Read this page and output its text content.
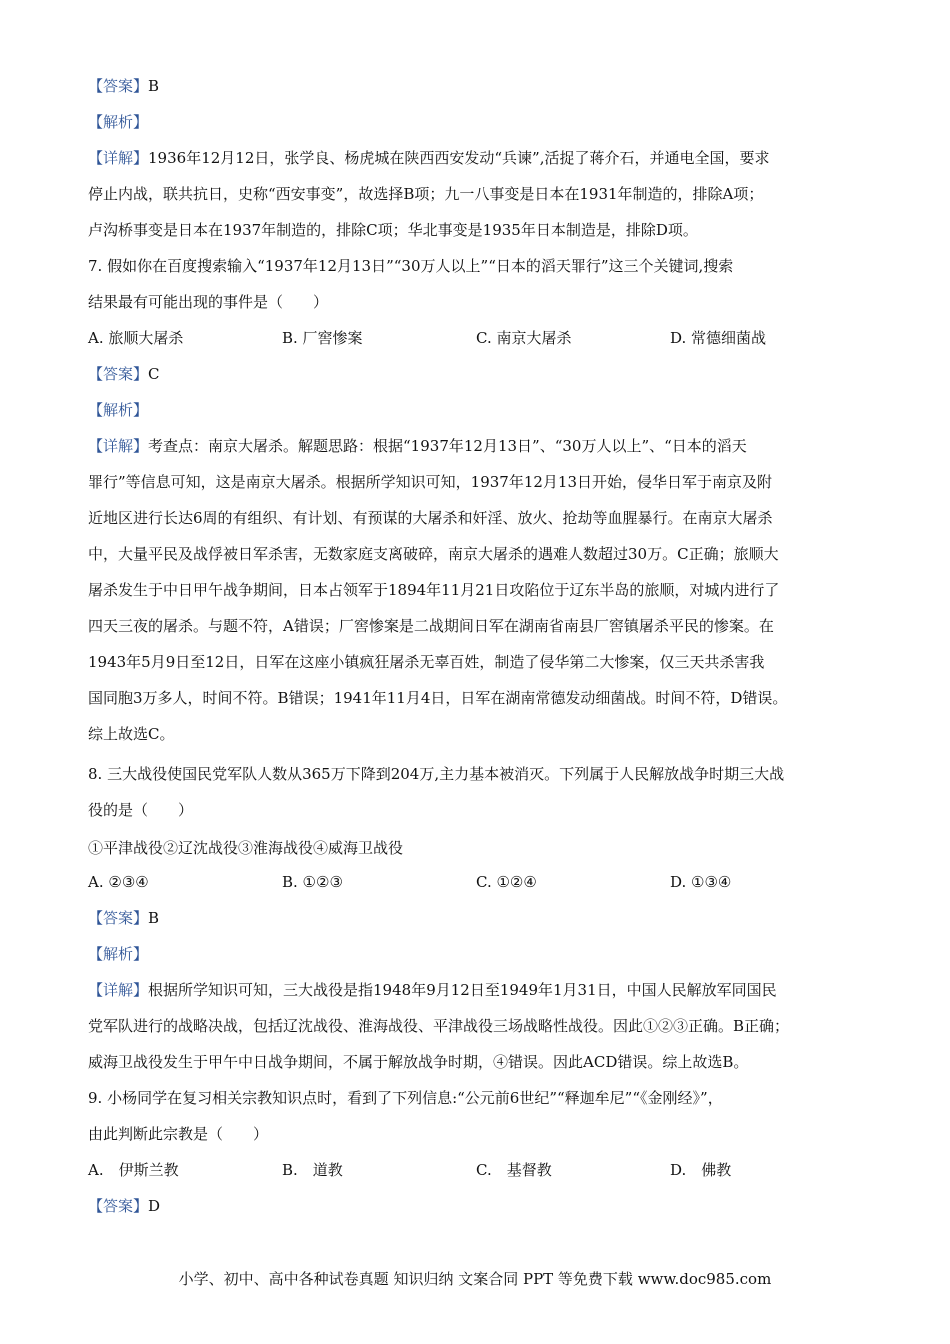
【答案】B
【解析】
【详解】1936年12月12日，张学良、杨虎城在陕西西安发动“兵谏”,活捉了蒋介石，并通电全国，要求
停止内战，联共抗日，史称“西安事变”，故选择B项；九一八事变是日本在1931年制造的，排除A项；
卢沟桥事变是日本在1937年制造的，排除C项；华北事变是1935年日本制造是，排除D项。
7. 假如你在百度搜索输入“1937年12月13日”“30万人以上”“日本的滔天罪行”这三个关键词,搜索
结果最有可能出现的事件是（　　）
A. 旅顺大屠杀	B. 厂窖惨案	C. 南京大屠杀	D. 常德细菌战
【答案】C
【解析】
【详解】考查点：南京大屠杀。解题思路：根据“1937年12月13日”、“30万人以上”、“日本的滔天
罪行”等信息可知，这是南京大屠杀。根据所学知识可知，1937年12月13日开始，侵华日军于南京及附
近地区进行长达6周的有组织、有计划、有预谋的大屠杀和奸淫、放火、抢劫等血腥暴行。在南京大屠杀
中，大量平民及战俘被日军杀害，无数家庭支离破碎，南京大屠杀的遇难人数超过30万。C正确；旅顺大
屠杀发生于中日甲午战争期间，日本占领军于1894年11月21日攻陷位于辽东半岛的旅顺，对城内进行了
四天三夜的屠杀。与题不符，A错误；厂窖惨案是二战期间日军在湖南省南县厂窖镇屠杀平民的惨案。在
1943年5月9日至12日，日军在这座小镇疯狂屠杀无辜百姓，制造了侵华第二大惨案，仅三天共杀害我
国同胞3万多人，时间不符。B错误；1941年11月4日，日军在湖南常德发动细菌战。时间不符，D错误。
综上故选C。
8. 三大战役使国民党军队人数从365万下降到204万,主力基本被消灭。下列属于人民解放战争时期三大战
役的是（　　）
①平津战役②辽沈战役③淮海战役④威海卫战役
A. ②③④	B. ①②③	C. ①②④	D. ①③④
【答案】B
【解析】
【详解】根据所学知识可知，三大战役是指1948年9月12日至1949年1月31日，中国人民解放军同国民
党军队进行的战略决战，包括辽沈战役、淮海战役、平津战役三场战略性战役。因此①②③正确。B正确；
威海卫战役发生于甲午中日战争期间，不属于解放战争时期，④错误。因此ACD错误。综上故选B。
9. 小杨同学在复习相关宗教知识点时，看到了下列信息:“公元前6世纪”“释迦牟尼”“《金刚经》”，
由此判断此宗教是（　　）
A.　伊斯兰教	B.　道教	C.　基督教	D.　佛教
【答案】D
小学、初中、高中各种试卷真题 知识归纳 文案合同 PPT 等免费下载 www.doc985.com
